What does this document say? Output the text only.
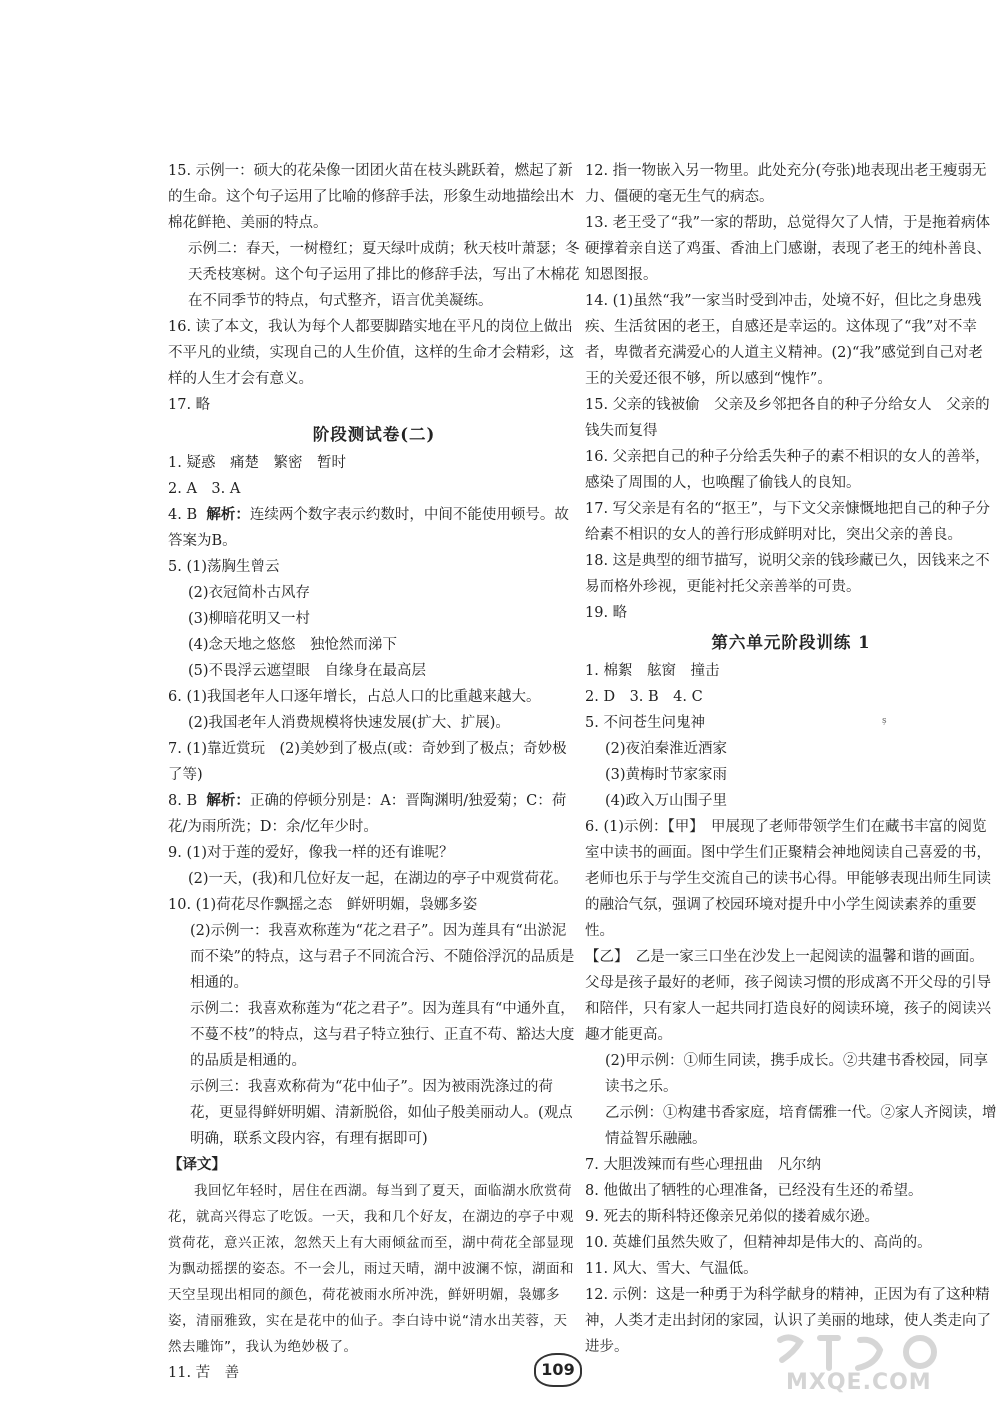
15. 示例一：硕大的花朵像一团团火苗在枝头跳跃着，燃起了新的生命。这个句子运用了比喻的修辞手法，形象生动地描绘出木棉花鲜艳、美丽的特点。
示例二：春天，一树橙红；夏天绿叶成荫；秋天枝叶萧瑟；冬天秃枝寒树。这个句子运用了排比的修辞手法，写出了木棉花在不同季节的特点，句式整齐，语言优美凝练。
16. 读了本文，我认为每个人都要脚踏实地在平凡的岗位上做出不平凡的业绩，实现自己的人生价值，这样的生命才会精彩，这样的人生才会有意义。
17. 略
阶段测试卷(二)
1. 疑惑　痛楚　繁密　暂时
2. A　3. A
4. B 解析：连续两个数字表示约数时，中间不能使用顿号。故答案为B。
5. (1)荡胸生曾云
(2)衣冠简朴古风存
(3)柳暗花明又一村
(4)念天地之悠悠　独怆然而涕下
(5)不畏浮云遮望眼　自缘身在最高层
6. (1)我国老年人口逐年增长，占总人口的比重越来越大。
(2)我国老年人消费规模将快速发展(扩大、扩展)。
7. (1)靠近赏玩　(2)美妙到了极点(或：奇妙到了极点；奇妙极了等)
8. B 解析：正确的停顿分别是：A：晋陶渊明/独爱菊；C：荷花/为雨所洗；D：余/忆年少时。
9. (1)对于莲的爱好，像我一样的还有谁呢？
(2)一天，(我)和几位好友一起，在湖边的亭子中观赏荷花。
10. (1)荷花尽作飘摇之态　鲜妍明媚，袅娜多姿
(2)示例一：我喜欢称莲为“花之君子”。因为莲具有“出淤泥而不染”的特点，这与君子不同流合污、不随俗浮沉的品质是相通的。
示例二：我喜欢称莲为“花之君子”。因为莲具有“中通外直，不蔓不枝”的特点，这与君子特立独行、正直不苟、豁达大度的品质是相通的。
示例三：我喜欢称荷为“花中仙子”。因为被雨洗涤过的荷花，更显得鲜妍明媚、清新脱俗，如仙子般美丽动人。(观点明确，联系文段内容，有理有据即可)
【译文】
我回忆年轻时，居住在西湖。每当到了夏天，面临湖水欣赏荷花，就高兴得忘了吃饭。一天，我和几个好友，在湖边的亭子中观赏荷花，意兴正浓，忽然天上有大雨倾盆而至，湖中荷花全部显现为飘动摇摆的姿态。不一会儿，雨过天晴，湖中波澜不惊，湖面和天空呈现出相同的颜色，荷花被雨水所冲洗，鲜妍明媚，袅娜多姿，清丽雅致，实在是花中的仙子。李白诗中说“清水出芙蓉，天然去雕饰”，我认为绝妙极了。
11. 苦　善
12. 指一物嵌入另一物里。此处充分(夸张)地表现出老王瘦弱无力、僵硬的毫无生气的病态。
13. 老王受了“我”一家的帮助，总觉得欠了人情，于是拖着病体硬撑着亲自送了鸡蛋、香油上门感谢，表现了老王的纯朴善良、知恩图报。
14. (1)虽然“我”一家当时受到冲击，处境不好，但比之身患残疾、生活贫困的老王，自感还是幸运的。这体现了“我”对不幸者，卑微者充满爱心的人道主义精神。(2)“我”感觉到自己对老王的关爱还很不够，所以感到“愧怍”。
15. 父亲的钱被偷　父亲及乡邻把各自的种子分给女人　父亲的钱失而复得
16. 父亲把自己的种子分给丢失种子的素不相识的女人的善举，感染了周围的人，也唤醒了偷钱人的良知。
17. 写父亲是有名的“抠王”，与下文父亲慷慨地把自己的种子分给素不相识的女人的善行形成鲜明对比，突出父亲的善良。
18. 这是典型的细节描写，说明父亲的钱珍藏已久，因钱来之不易而格外珍视，更能衬托父亲善举的可贵。
19. 略
第六单元阶段训练 1
1. 棉絮　舷窗　撞击
2. D　3. B　4. C
5. 不问苍生问鬼神
(2)夜泊秦淮近酒家
(3)黄梅时节家家雨
(4)政入万山围子里
6. (1)示例：【甲】　甲展现了老师带领学生们在藏书丰富的阅览室中读书的画面。图中学生们正聚精会神地阅读自己喜爱的书，老师也乐于与学生交流自己的读书心得。甲能够表现出师生同读的融洽气氛，强调了校园环境对提升中小学生阅读素养的重要性。
【乙】　乙是一家三口坐在沙发上一起阅读的温馨和谐的画面。父母是孩子最好的老师，孩子阅读习惯的形成离不开父母的引导和陪伴，只有家人一起共同打造良好的阅读环境，孩子的阅读兴趣才能更高。
(2)甲示例：①师生同读，携手成长。②共建书香校园，同享读书之乐。
乙示例：①构建书香家庭，培育儒雅一代。②家人齐阅读，增情益智乐融融。
7. 大胆泼辣而有些心理扭曲　凡尔纳
8. 他做出了牺牲的心理准备，已经没有生还的希望。
9. 死去的斯科特还像亲兄弟似的搂着威尔逊。
10. 英雄们虽然失败了，但精神却是伟大的、高尚的。
11. 风大、雪大、气温低。
12. 示例：这是一种勇于为科学献身的精神，正因为有了这种精神，人类才走出封闭的家园，认识了美丽的地球，使人类走向了进步。
ș
109
MXQE.COM
